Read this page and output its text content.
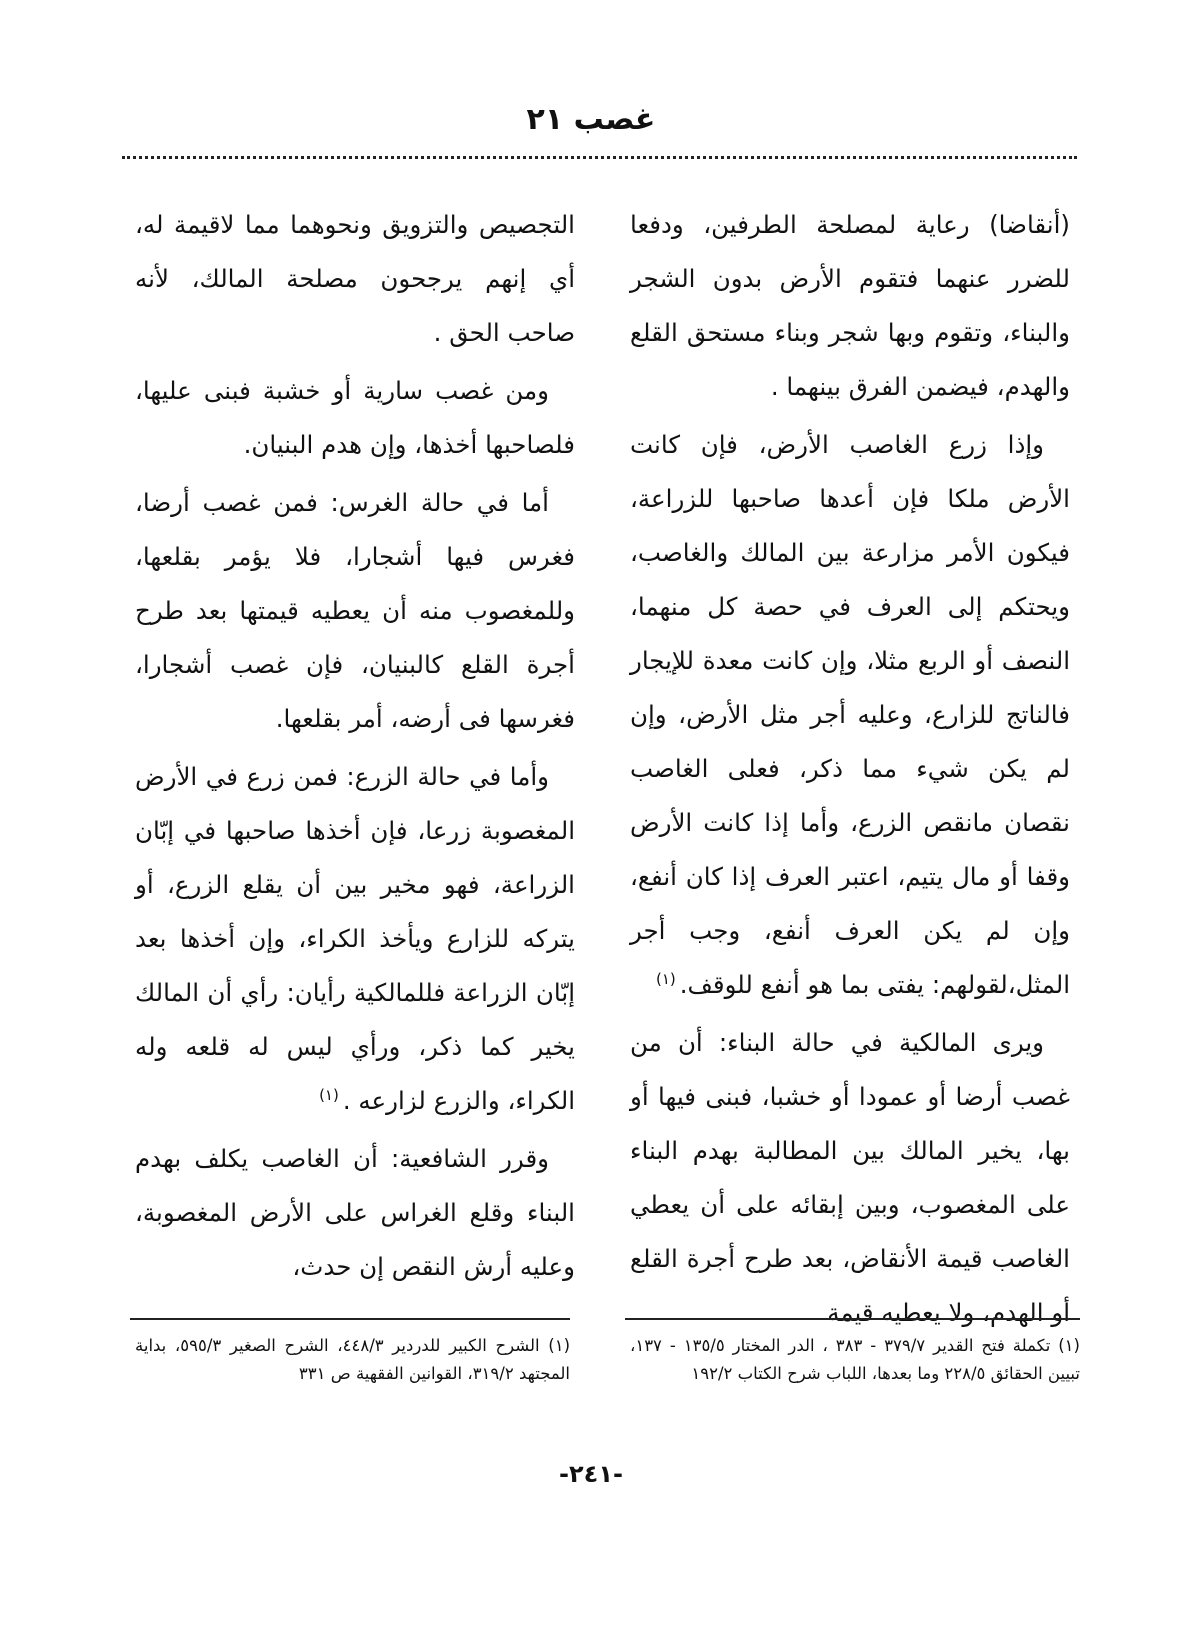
غصب ٢١

(أنقاضا) رعاية لمصلحة الطرفين، ودفعا للضرر عنهما فتقوم الأرض بدون الشجر والبناء، وتقوم وبها شجر وبناء مستحق القلع والهدم، فيضمن الفرق بينهما .

وإذا زرع الغاصب الأرض، فإن كانت الأرض ملكا فإن أعدها صاحبها للزراعة، فيكون الأمر مزارعة بين المالك والغاصب، ويحتكم إلى العرف في حصة كل منهما، النصف أو الربع مثلا، وإن كانت معدة للإيجار فالناتج للزارع، وعليه أجر مثل الأرض، وإن لم يكن شيء مما ذكر، فعلى الغاصب نقصان مانقص الزرع، وأما إذا كانت الأرض وقفا أو مال يتيم، اعتبر العرف إذا كان أنفع، وإن لم يكن العرف أنفع، وجب أجر المثل،لقولهم: يفتى بما هو أنفع للوقف.$^{(١)}$

ويرى المالكية في حالة البناء: أن من غصب أرضا أو عمودا أو خشبا، فبنى فيها أو بها، يخير المالك بين المطالبة بهدم البناء على المغصوب، وبين إبقائه على أن يعطي الغاصب قيمة الأنقاض، بعد طرح أجرة القلع أو الهدم، ولا يعطيه قيمة

التجصيص والتزويق ونحوهما مما لاقيمة له، أي إنهم يرجحون مصلحة المالك، لأنه صاحب الحق .

ومن غصب سارية أو خشبة فبنى عليها، فلصاحبها أخذها، وإن هدم البنيان.

أما في حالة الغرس: فمن غصب أرضا، فغرس فيها أشجارا، فلا يؤمر بقلعها، وللمغصوب منه أن يعطيه قيمتها بعد طرح أجرة القلع كالبنيان، فإن غصب أشجارا، فغرسها فى أرضه، أمر بقلعها.

وأما في حالة الزرع: فمن زرع في الأرض المغصوبة زرعا، فإن أخذها صاحبها في إبّان الزراعة، فهو مخير بين أن يقلع الزرع، أو يتركه للزارع ويأخذ الكراء، وإن أخذها بعد إبّان الزراعة فللمالكية رأيان: رأي أن المالك يخير كما ذكر، ورأي ليس له قلعه وله الكراء، والزرع لزارعه .$^{(١)}$

وقرر الشافعية: أن الغاصب يكلف بهدم البناء وقلع الغراس على الأرض المغصوبة، وعليه أرش النقص إن حدث،

(١) تكملة فتح القدير ٣٧٩/٧ - ٣٨٣ ، الدر المختار ١٣٥/٥ - ١٣٧، تبيين الحقائق ٢٢٨/٥ وما بعدها، اللباب شرح الكتاب ١٩٢/٢
(١) الشرح الكبير للدردير ٤٤٨/٣، الشرح الصغير ٥٩٥/٣، بداية المجتهد ٣١٩/٢، القوانين الفقهية ص ٣٣١
-٢٤١-
